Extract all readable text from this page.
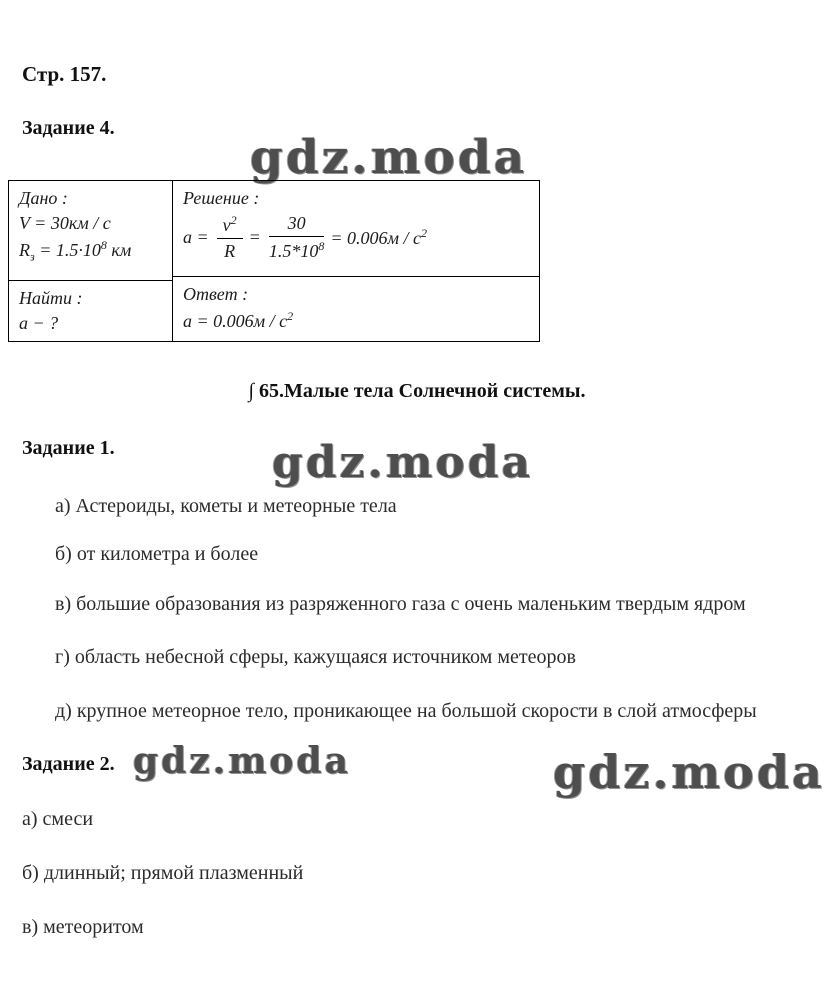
Стр. 157.
Задание 4.
gdz.moda
Дано :
V = 30км / с
$R_з = 1.5\cdot 10^8$ км
Найти :
a − ?
Решение :
$a = \frac{v^2}{R} = \frac{30}{1.5*10^8} = 0.006м / с^2$
Ответ :
$a = 0.006м / с^2$
∫ 65.Малые тела Солнечной системы.
Задание 1.	gdz.moda
а) Астероиды, кометы и метеорные тела
б) от километра и более
в) большие образования из разряженного газа с очень маленьким твердым ядром
г) область небесной сферы, кажущаяся источником метеоров
д) крупное метеорное тело, проникающее на большой скорости в слой атмосферы
Задание 2. gdz.moda	gdz.moda
а) смеси
б) длинный; прямой плазменный
в) метеоритом
